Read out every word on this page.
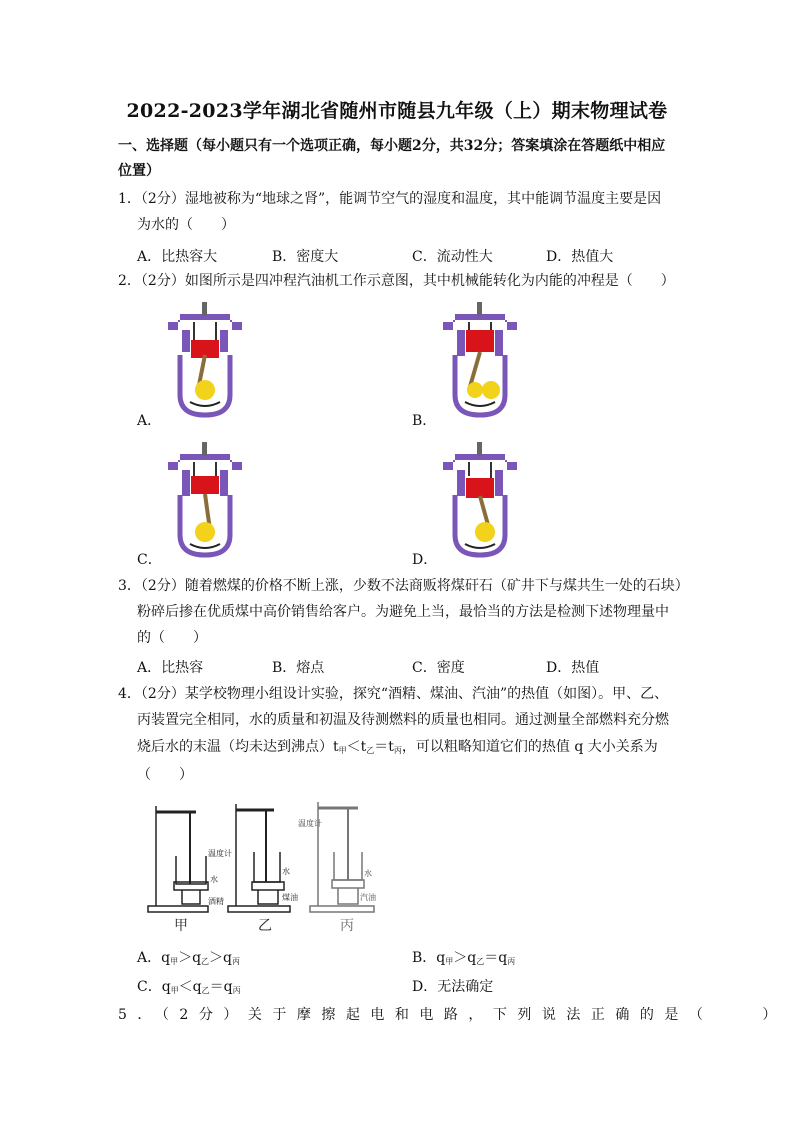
2022-2023学年湖北省随州市随县九年级（上）期末物理试卷
一、选择题（每小题只有一个选项正确，每小题2分，共32分；答案填涂在答题纸中相应
位置）
1．（2分）湿地被称为“地球之肾”，能调节空气的湿度和温度，其中能调节温度主要是因
为水的（　　）
A．比热容大	B．密度大	C．流动性大	D．热值大
2．（2分）如图所示是四冲程汽油机工作示意图，其中机械能转化为内能的冲程是（　　）
A．	B．
C．	D．
3．（2分）随着燃煤的价格不断上涨，少数不法商贩将煤矸石（矿井下与煤共生一处的石块）
粉碎后掺在优质煤中高价销售给客户。为避免上当，最恰当的方法是检测下述物理量中
的（　　）
A．比热容	B．熔点	C．密度	D．热值
4．（2分）某学校物理小组设计实验，探究“酒精、煤油、汽油”的热值（如图）。甲、乙、
丙装置完全相同，水的质量和初温及待测燃料的质量也相同。通过测量全部燃料充分燃
烧后水的末温（均未达到沸点）$t_甲<t_乙=t_丙$，可以粗略知道它们的热值 q 大小关系为
（　　）
温度计
水
酒精
甲
水
煤油
乙
温度计
水
汽油
丙
A．$q_甲>q_乙>q_丙$	B．$q_甲>q_乙=q_丙$
C．$q_甲<q_乙=q_丙$	D．无法确定
5．（2分）关于摩擦起电和电路，下列说法正确的是（　　）
